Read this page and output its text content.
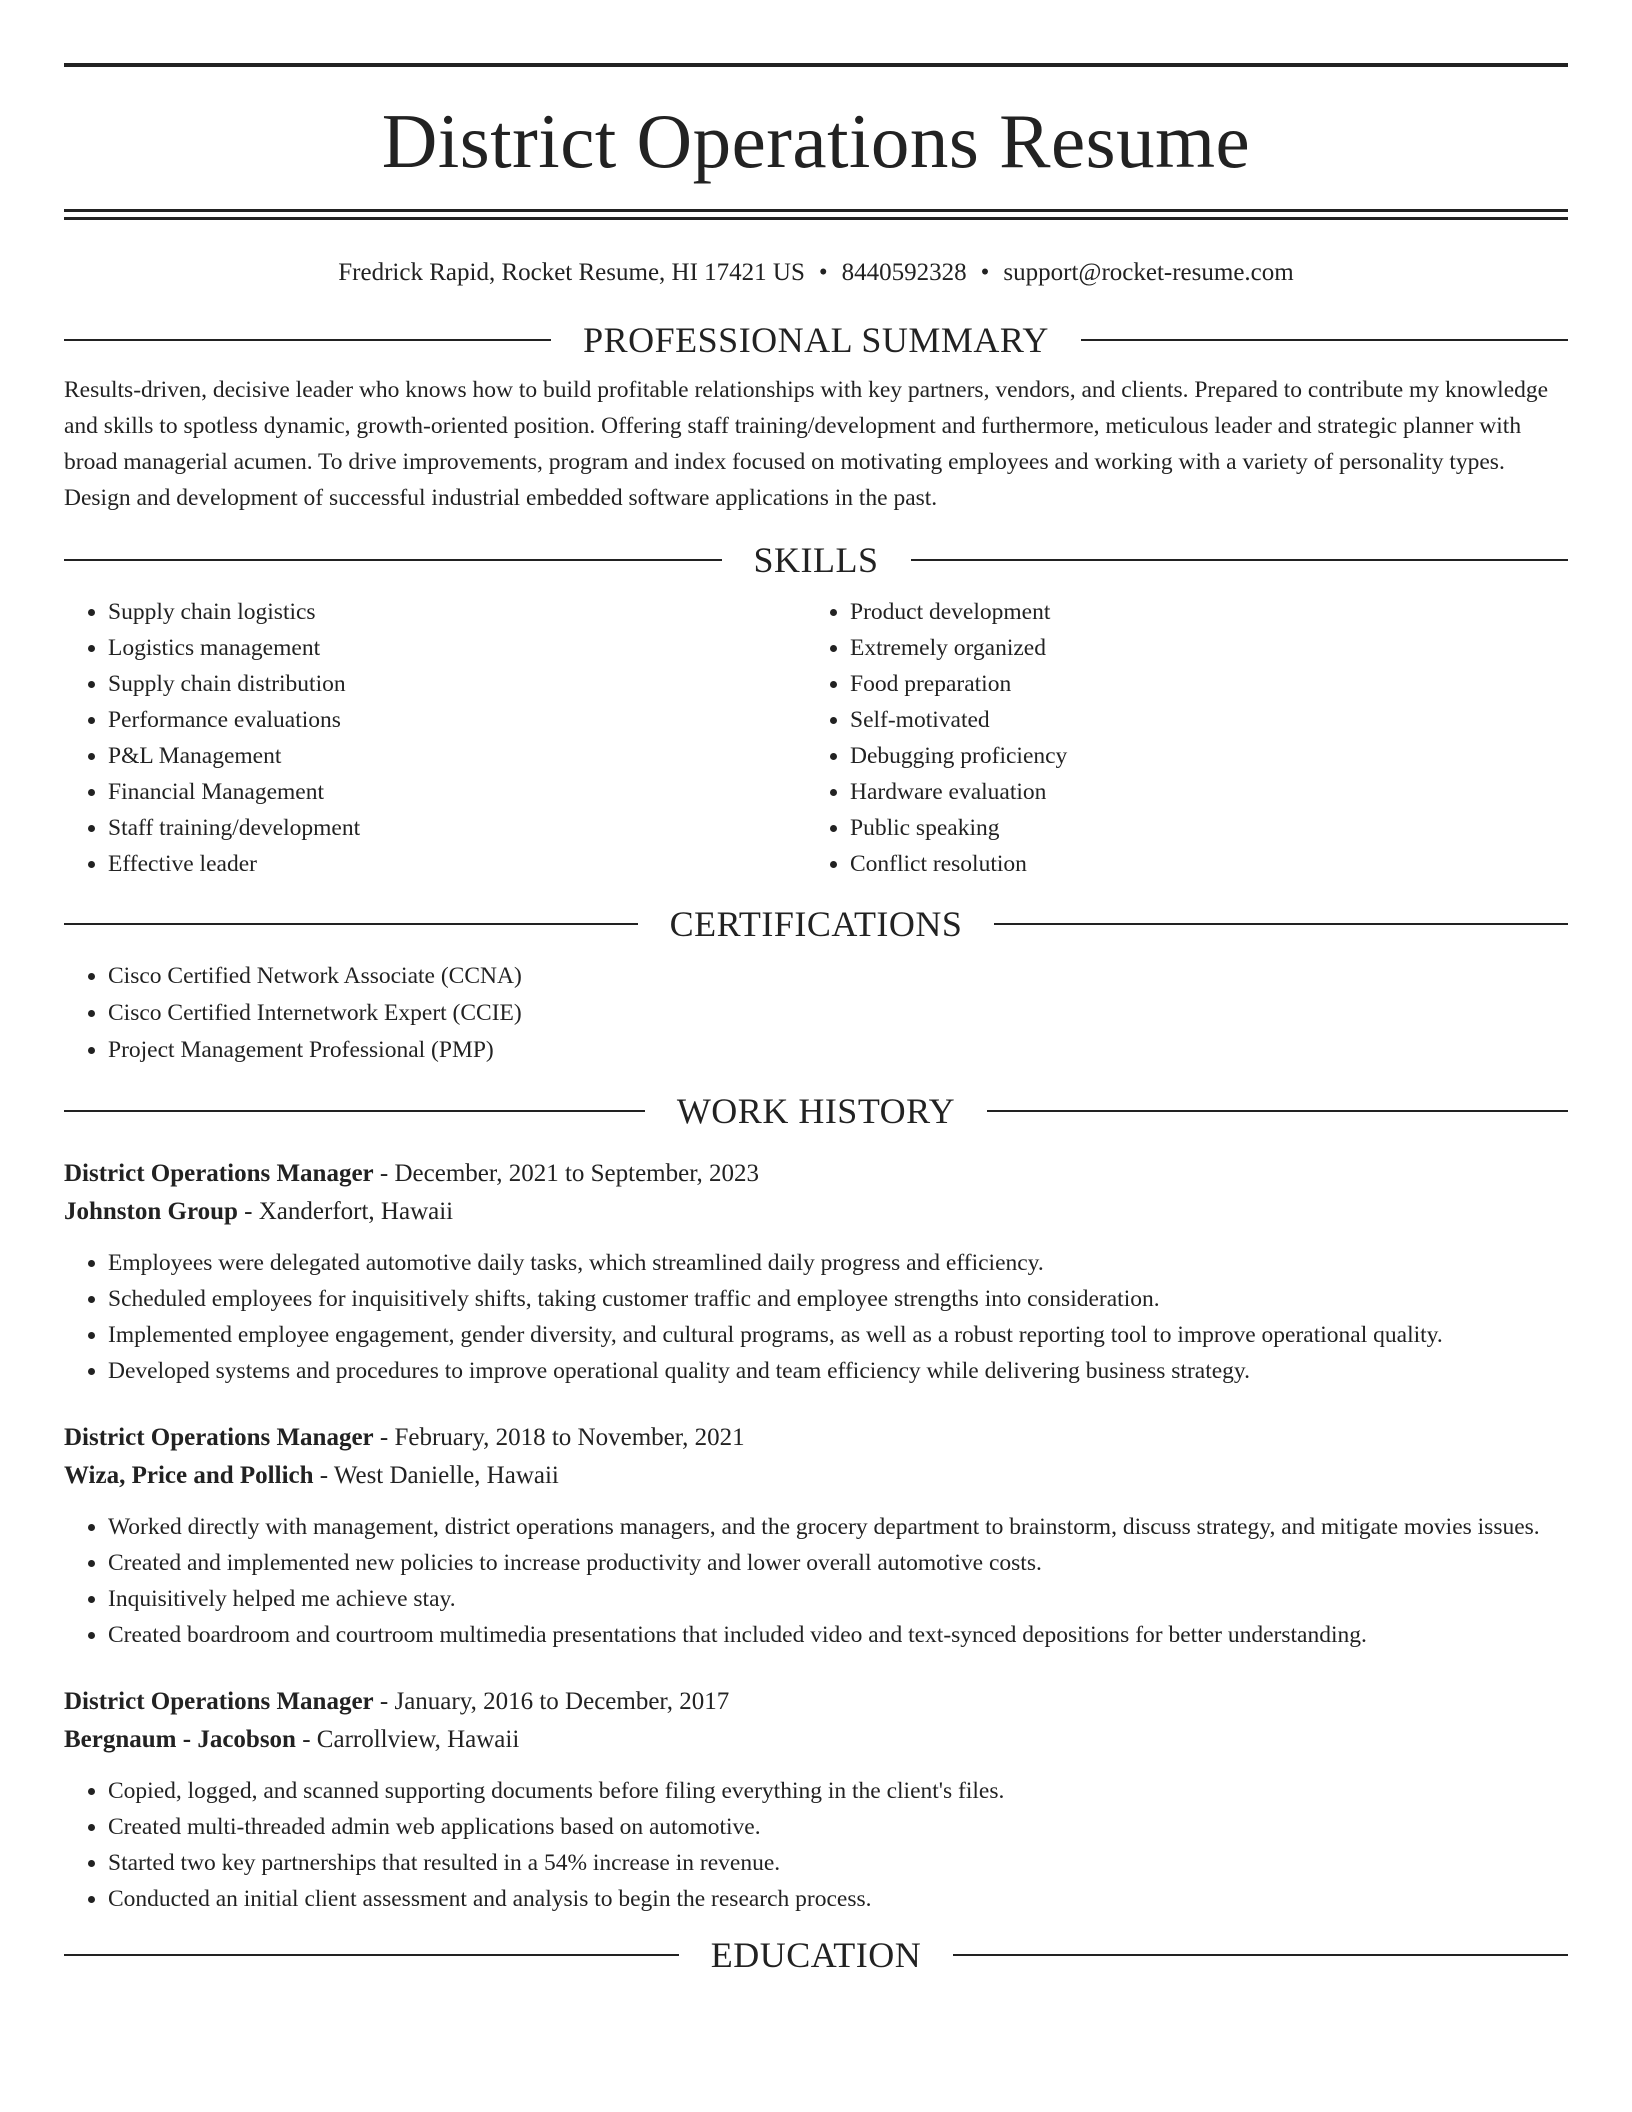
District Operations Resume
Fredrick Rapid, Rocket Resume, HI 17421 US • 8440592328 • support@rocket-resume.com
PROFESSIONAL SUMMARY
Results-driven, decisive leader who knows how to build profitable relationships with key partners, vendors, and clients. Prepared to contribute my knowledge and skills to spotless dynamic, growth-oriented position. Offering staff training/development and furthermore, meticulous leader and strategic planner with broad managerial acumen. To drive improvements, program and index focused on motivating employees and working with a variety of personality types. Design and development of successful industrial embedded software applications in the past.
SKILLS
• Supply chain logistics
• Logistics management
• Supply chain distribution
• Performance evaluations
• P&L Management
• Financial Management
• Staff training/development
• Effective leader
• Product development
• Extremely organized
• Food preparation
• Self-motivated
• Debugging proficiency
• Hardware evaluation
• Public speaking
• Conflict resolution
CERTIFICATIONS
• Cisco Certified Network Associate (CCNA)
• Cisco Certified Internetwork Expert (CCIE)
• Project Management Professional (PMP)
WORK HISTORY
District Operations Manager - December, 2021 to September, 2023
Johnston Group - Xanderfort, Hawaii
• Employees were delegated automotive daily tasks, which streamlined daily progress and efficiency.
• Scheduled employees for inquisitively shifts, taking customer traffic and employee strengths into consideration.
• Implemented employee engagement, gender diversity, and cultural programs, as well as a robust reporting tool to improve operational quality.
• Developed systems and procedures to improve operational quality and team efficiency while delivering business strategy.
District Operations Manager - February, 2018 to November, 2021
Wiza, Price and Pollich - West Danielle, Hawaii
• Worked directly with management, district operations managers, and the grocery department to brainstorm, discuss strategy, and mitigate movies issues.
• Created and implemented new policies to increase productivity and lower overall automotive costs.
• Inquisitively helped me achieve stay.
• Created boardroom and courtroom multimedia presentations that included video and text-synced depositions for better understanding.
District Operations Manager - January, 2016 to December, 2017
Bergnaum - Jacobson - Carrollview, Hawaii
• Copied, logged, and scanned supporting documents before filing everything in the client's files.
• Created multi-threaded admin web applications based on automotive.
• Started two key partnerships that resulted in a 54% increase in revenue.
• Conducted an initial client assessment and analysis to begin the research process.
EDUCATION
